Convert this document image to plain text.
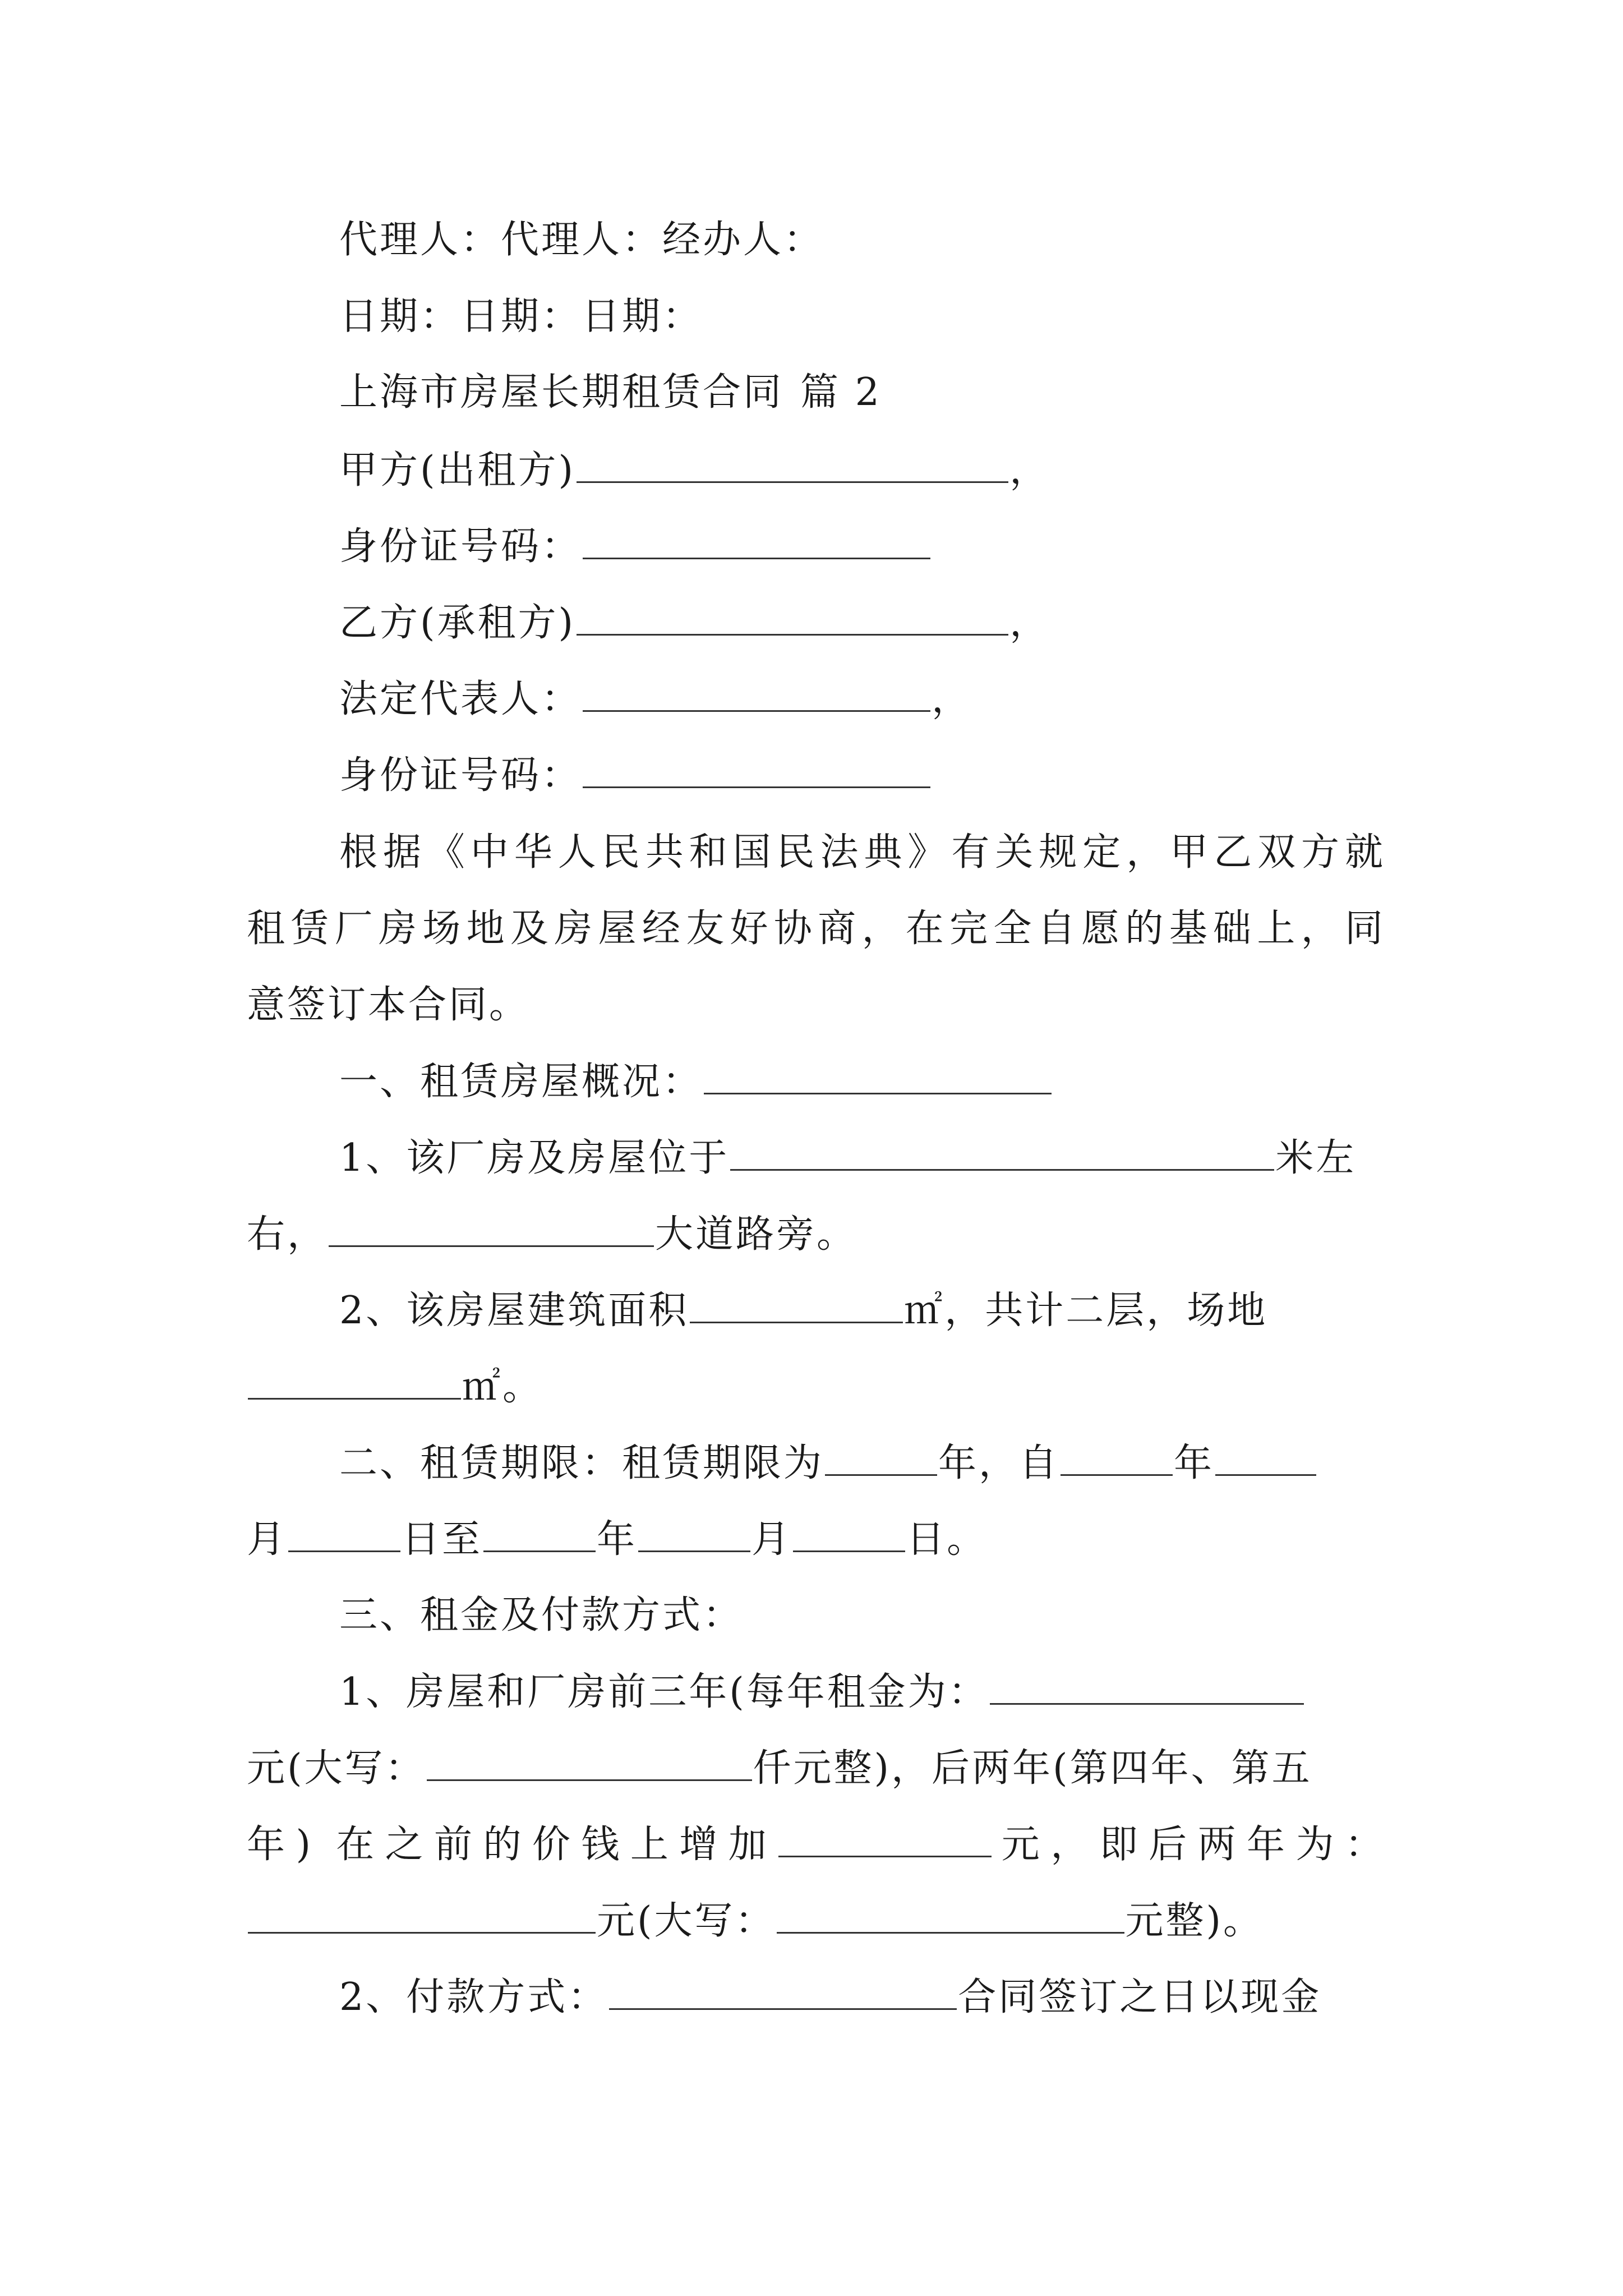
代理人：代理人：经办人：
日期：日期：日期：
上海市房屋长期租赁合同 篇 2
甲方(出租方)	，
身份证号码：
乙方(承租方)	，
法定代表人：	，
身份证号码：
根据《中华人民共和国民法典》有关规定，甲乙双方就
租赁厂房场地及房屋经友好协商，在完全自愿的基础上，同
意签订本合同。
一、租赁房屋概况：
1、该厂房及房屋位于	米左
右，	大道路旁。
2、该房屋建筑面积	㎡，共计二层，场地
㎡。
二、租赁期限：租赁期限为	年，自	年
月	日至	年	月	日。
三、租金及付款方式：
1、房屋和厂房前三年(每年租金为：
元(大写：	仟元整)，后两年(第四年、第五
年) 在之前的价钱上增加	元，即后两年为：
元(大写：	元整)。
2、付款方式：	合同签订之日以现金
